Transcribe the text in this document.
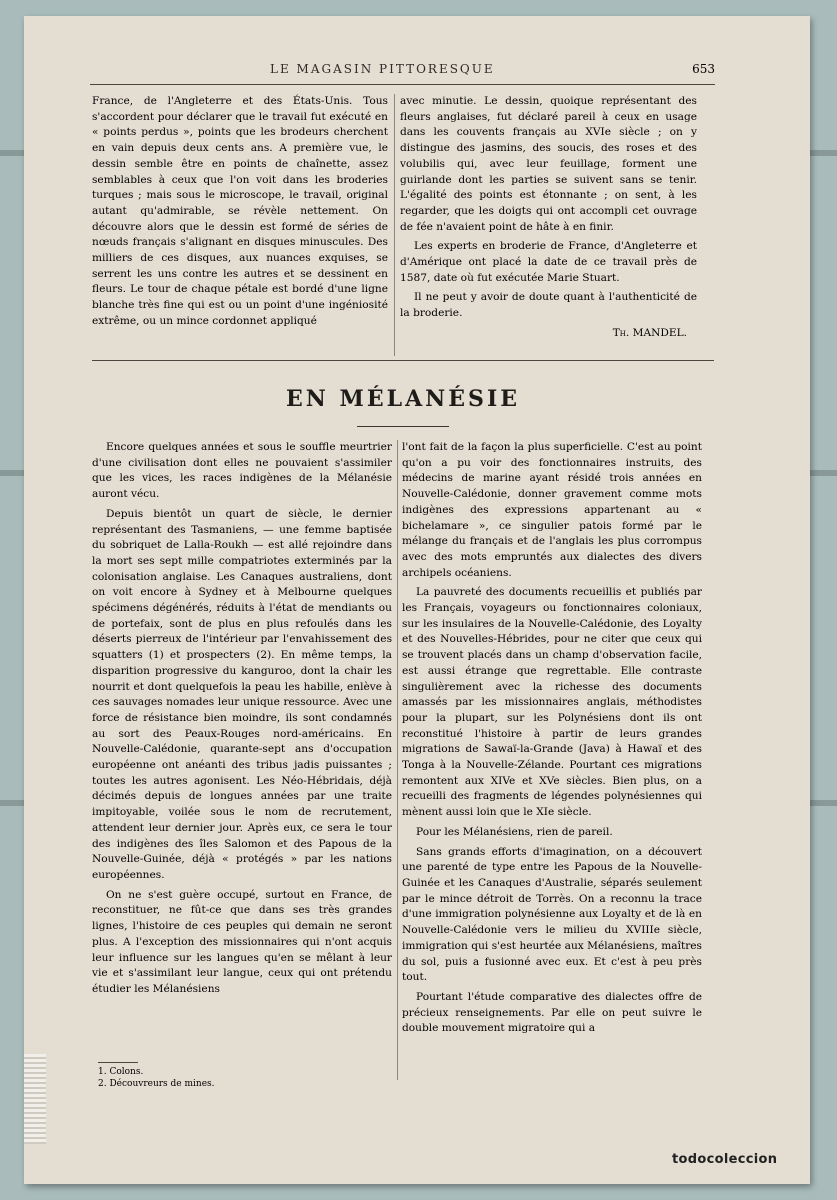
LE MAGASIN PITTORESQUE	653

France, de l'Angleterre et des États-Unis. Tous s'accordent pour déclarer que le travail fut exécuté en « points perdus », points que les brodeurs cherchent en vain depuis deux cents ans. A première vue, le dessin semble être en points de chaînette, assez semblables à ceux que l'on voit dans les broderies turques ; mais sous le microscope, le travail, original autant qu'admirable, se révèle nettement. On découvre alors que le dessin est formé de séries de nœuds français s'alignant en disques minuscules. Des milliers de ces disques, aux nuances exquises, se serrent les uns contre les autres et se dessinent en fleurs. Le tour de chaque pétale est bordé d'une ligne blanche très fine qui est ou un point d'une ingéniosité extrême, ou un mince cordonnet appliqué

avec minutie. Le dessin, quoique représentant des fleurs anglaises, fut déclaré pareil à ceux en usage dans les couvents français au XVIe siècle ; on y distingue des jasmins, des soucis, des roses et des volubilis qui, avec leur feuillage, forment une guirlande dont les parties se suivent sans se tenir. L'égalité des points est étonnante ; on sent, à les regarder, que les doigts qui ont accompli cet ouvrage de fée n'avaient point de hâte à en finir.

Les experts en broderie de France, d'Angleterre et d'Amérique ont placé la date de ce travail près de 1587, date où fut exécutée Marie Stuart.

Il ne peut y avoir de doute quant à l'authenticité de la broderie.

Th. MANDEL.
EN MÉLANÉSIE

Encore quelques années et sous le souffle meurtrier d'une civilisation dont elles ne pouvaient s'assimiler que les vices, les races indigènes de la Mélanésie auront vécu.

Depuis bientôt un quart de siècle, le dernier représentant des Tasmaniens, — une femme baptisée du sobriquet de Lalla-Roukh — est allé rejoindre dans la mort ses sept mille compatriotes exterminés par la colonisation anglaise. Les Canaques australiens, dont on voit encore à Sydney et à Melbourne quelques spécimens dégénérés, réduits à l'état de mendiants ou de portefaix, sont de plus en plus refoulés dans les déserts pierreux de l'intérieur par l'envahissement des squatters (1) et prospecters (2). En même temps, la disparition progressive du kanguroo, dont la chair les nourrit et dont quelquefois la peau les habille, enlève à ces sauvages nomades leur unique ressource. Avec une force de résistance bien moindre, ils sont condamnés au sort des Peaux-Rouges nord-américains. En Nouvelle-Calédonie, quarante-sept ans d'occupation européenne ont anéanti des tribus jadis puissantes ; toutes les autres agonisent. Les Néo-Hébridais, déjà décimés depuis de longues années par une traite impitoyable, voilée sous le nom de recrutement, attendent leur dernier jour. Après eux, ce sera le tour des indigènes des îles Salomon et des Papous de la Nouvelle-Guinée, déjà « protégés » par les nations européennes.

On ne s'est guère occupé, surtout en France, de reconstituer, ne fût-ce que dans ses très grandes lignes, l'histoire de ces peuples qui demain ne seront plus. A l'exception des missionnaires qui n'ont acquis leur influence sur les langues qu'en se mêlant à leur vie et s'assimilant leur langue, ceux qui ont prétendu étudier les Mélanésiens

l'ont fait de la façon la plus superficielle. C'est au point qu'on a pu voir des fonctionnaires instruits, des médecins de marine ayant résidé trois années en Nouvelle-Calédonie, donner gravement comme mots indigènes des expressions appartenant au « bichelamare », ce singulier patois formé par le mélange du français et de l'anglais les plus corrompus avec des mots empruntés aux dialectes des divers archipels océaniens.

La pauvreté des documents recueillis et publiés par les Français, voyageurs ou fonctionnaires coloniaux, sur les insulaires de la Nouvelle-Calédonie, des Loyalty et des Nouvelles-Hébrides, pour ne citer que ceux qui se trouvent placés dans un champ d'observation facile, est aussi étrange que regrettable. Elle contraste singulièrement avec la richesse des documents amassés par les missionnaires anglais, méthodistes pour la plupart, sur les Polynésiens dont ils ont reconstitué l'histoire à partir de leurs grandes migrations de Sawaï-la-Grande (Java) à Hawaï et des Tonga à la Nouvelle-Zélande. Pourtant ces migrations remontent aux XIVe et XVe siècles. Bien plus, on a recueilli des fragments de légendes polynésiennes qui mènent aussi loin que le XIe siècle.

Pour les Mélanésiens, rien de pareil.

Sans grands efforts d'imagination, on a découvert une parenté de type entre les Papous de la Nouvelle-Guinée et les Canaques d'Australie, séparés seulement par le mince détroit de Torrès. On a reconnu la trace d'une immigration polynésienne aux Loyalty et de là en Nouvelle-Calédonie vers le milieu du XVIIIe siècle, immigration qui s'est heurtée aux Mélanésiens, maîtres du sol, puis a fusionné avec eux. Et c'est à peu près tout.

Pourtant l'étude comparative des dialectes offre de précieux renseignements. Par elle on peut suivre le double mouvement migratoire qui a

1. Colons.
2. Découvreurs de mines.
todocoleccion
